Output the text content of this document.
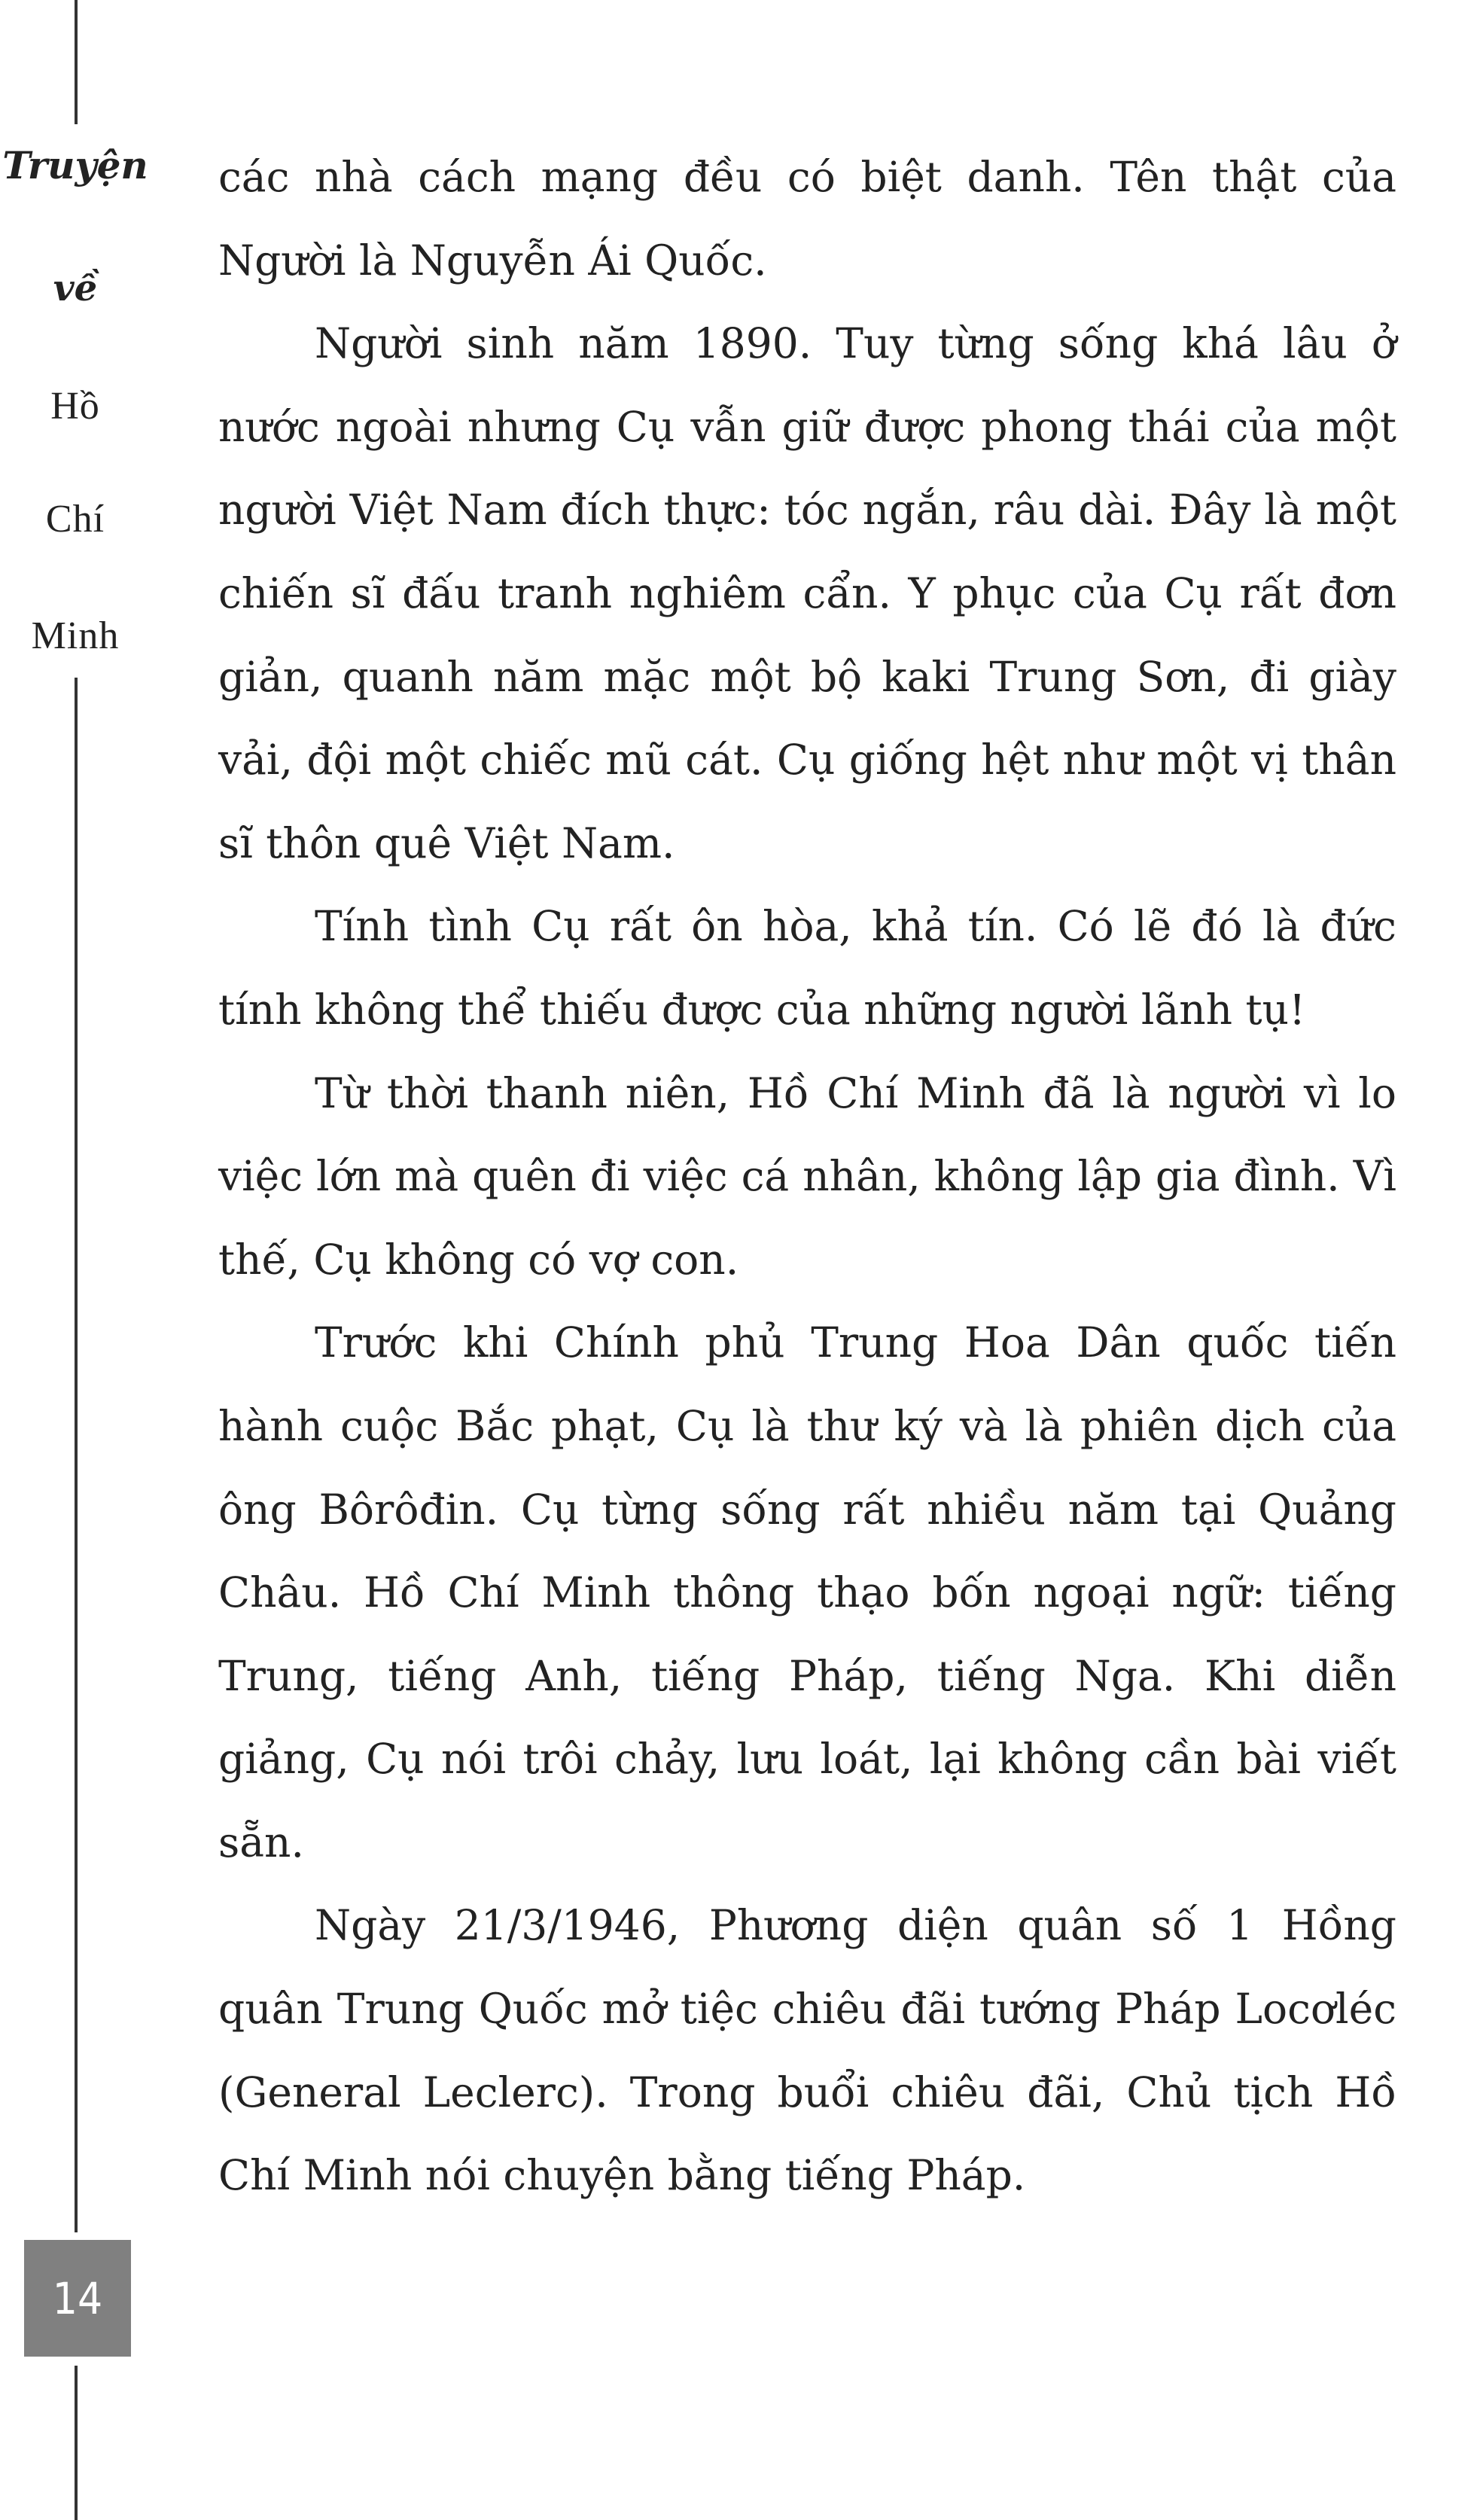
Truyện
về
Hồ
Chí
Minh
14

các nhà cách mạng đều có biệt danh. Tên thật của Người là Nguyễn Ái Quốc.

Người sinh năm 1890. Tuy từng sống khá lâu ở nước ngoài nhưng Cụ vẫn giữ được phong thái của một người Việt Nam đích thực: tóc ngắn, râu dài. Đây là một chiến sĩ đấu tranh nghiêm cẩn. Y phục của Cụ rất đơn giản, quanh năm mặc một bộ kaki Trung Sơn, đi giày vải, đội một chiếc mũ cát. Cụ giống hệt như một vị thân sĩ thôn quê Việt Nam.

Tính tình Cụ rất ôn hòa, khả tín. Có lẽ đó là đức tính không thể thiếu được của những người lãnh tụ!

Từ thời thanh niên, Hồ Chí Minh đã là người vì lo việc lớn mà quên đi việc cá nhân, không lập gia đình. Vì thế, Cụ không có vợ con.

Trước khi Chính phủ Trung Hoa Dân quốc tiến hành cuộc Bắc phạt, Cụ là thư ký và là phiên dịch của ông Bôrôđin. Cụ từng sống rất nhiều năm tại Quảng Châu. Hồ Chí Minh thông thạo bốn ngoại ngữ: tiếng Trung, tiếng Anh, tiếng Pháp, tiếng Nga. Khi diễn giảng, Cụ nói trôi chảy, lưu loát, lại không cần bài viết sẵn.

Ngày 21/3/1946, Phương diện quân số 1 Hồng quân Trung Quốc mở tiệc chiêu đãi tướng Pháp Locơléc (General Leclerc). Trong buổi chiêu đãi, Chủ tịch Hồ Chí Minh nói chuyện bằng tiếng Pháp.
